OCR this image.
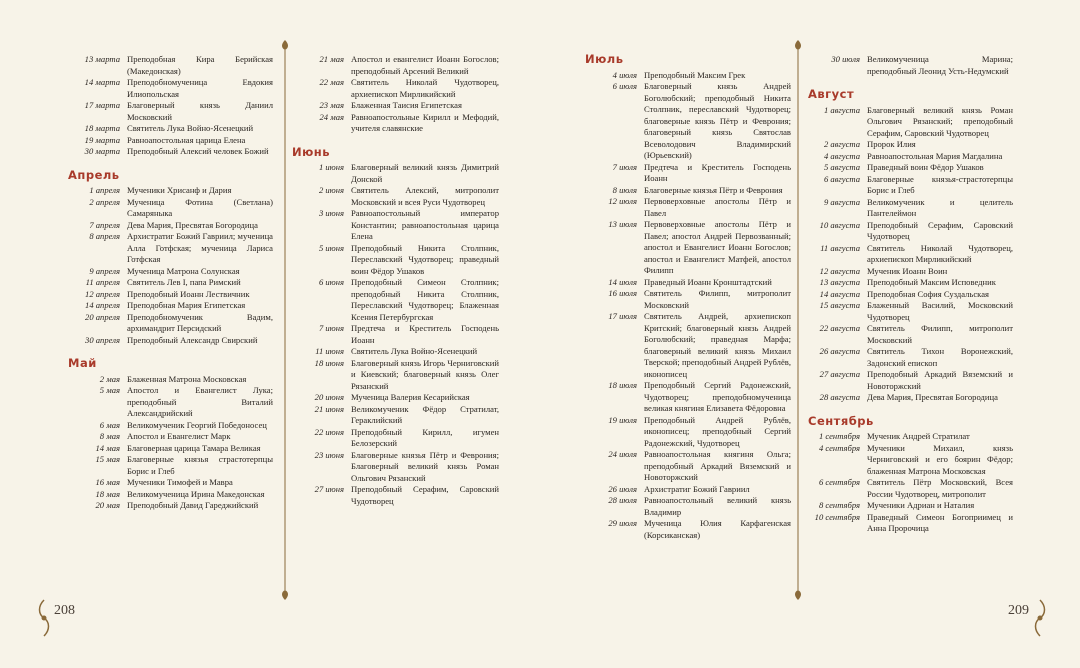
13 марта Преподобная Кира Берийская (Македонская)
14 марта Преподобномученица Евдокия Илиопольская
17 марта Благоверный князь Даниил Московский
18 марта Святитель Лука Войно-Ясенецкий
19 марта Равноапостольная царица Елена
30 марта Преподобный Алексий человек Божий
Апрель
1 апреля Мученики Хрисанф и Дария
2 апреля Мученица Фотина (Светлана) Самаряныка
7 апреля Дева Мария, Пресвятая Богородица
8 апреля Архистратиг Божий Гавриил; мученица Алла Готфская; мученица Лариса Готфская
9 апреля Мученица Матрона Солунская
11 апреля Святитель Лев I, папа Римский
12 апреля Преподобный Иоанн Лествичник
14 апреля Преподобная Мария Египетская
20 апреля Преподобномученик Вадим, архимандрит Персидский
30 апреля Преподобный Александр Свирский
Май
2 мая Блаженная Матрона Московская
5 мая Апостол и Евангелист Лука; преподобный Виталий Александрийский
6 мая Великомученик Георгий Победоносец
8 мая Апостол и Евангелист Марк
14 мая Благоверная царица Тамара Великая
15 мая Благоверные князья страстотерпцы Борис и Глеб
16 мая Мученики Тимофей и Мавра
18 мая Великомученица Ирина Македонская
20 мая Преподобный Давид Гареджийский
21 мая Апостол и евангелист Иоанн Богослов; преподобный Арсений Великий
22 мая Святитель Николай Чудотворец, архиепископ Мирликийский
23 мая Блаженная Таисия Египетская
24 мая Равноапостольные Кирилл и Мефодий, учителя славянские
Июнь
1 июня Благоверный великий князь Димитрий Донской
2 июня Святитель Алексий, митрополит Московский и всея Руси Чудотворец
3 июня Равноапостольный император Константин; равноапостольная царица Елена
5 июня Преподобный Никита Столпник, Переславский Чудотворец; праведный воин Фёдор Ушаков
6 июня Преподобный Симеон Столпник; преподобный Никита Столпник, Переславский Чудотворец; Блаженная Ксения Петербургская
7 июня Предтеча и Креститель Господень Иоанн
11 июня Святитель Лука Войно-Ясенецкий
18 июня Благоверный князь Игорь Черниговский и Киевский; благоверный князь Олег Рязанский
20 июня Мученица Валерия Кесарийская
21 июня Великомученик Фёдор Стратилат, Гераклийский
22 июня Преподобный Кирилл, игумен Белозерский
23 июня Благоверные князья Пётр и Феврония; Благоверный великий князь Роман Ольгович Рязанский
27 июня Преподобный Серафим, Саровский Чудотворец
208
Июль
4 июля Преподобный Максим Грек
6 июля Благоверный князь Андрей Боголюбский; преподобный Никита Столпник, переславский Чудотворец; благоверные князь Пётр и Феврония; благоверный князь Святослав Всеволодович Владимирский (Юрьевский)
7 июля Предтеча и Креститель Господень Иоанн
8 июля Благоверные князья Пётр и Феврония
12 июля Первоверховные апостолы Пётр и Павел
13 июля Первоверховные апостолы Пётр и Павел; апостол Андрей Первозванный; апостол и Евангелист Иоанн Богослов; апостол и Евангелист Матфей, апостол Филипп
14 июля Праведный Иоанн Кронштадтский
16 июля Святитель Филипп, митрополит Московский
17 июля Святитель Андрей, архиепископ Критский; благоверный князь Андрей Боголюбский; праведная Марфа; благоверный великий князь Михаил Тверской; преподобный Андрей Рублёв, иконописец
18 июля Преподобный Сергий Радонежский, Чудотворец; преподобномученица великая княгиня Елизавета Фёдоровна
19 июля Преподобный Андрей Рублёв, иконописец; преподобный Сергий Радонежский, Чудотворец
24 июля Равноапостольная княгиня Ольга; преподобный Аркадий Вяземский и Новоторжский
26 июля Архистратиг Божий Гавриил
28 июля Равноапостольный великий князь Владимир
29 июля Мученица Юлия Карфагенская (Корсиканская)
30 июля Великомученица Марина; преподобный Леонид Усть-Недумский
Август
1 августа Благоверный великий князь Роман Ольгович Рязанский; преподобный Серафим, Саровский Чудотворец
2 августа Пророк Илия
4 августа Равноапостольная Мария Магдалина
5 августа Праведный воин Фёдор Ушаков
6 августа Благоверные князья-страстотерпцы Борис и Глеб
9 августа Великомученик и целитель Пантелеймон
10 августа Преподобный Серафим, Саровский Чудотворец
11 августа Святитель Николай Чудотворец, архиепископ Мирликийский
12 августа Мученик Иоанн Воин
13 августа Преподобный Максим Исповедник
14 августа Преподобная София Суздальская
15 августа Блаженный Василий, Московский Чудотворец
22 августа Святитель Филипп, митрополит Московский
26 августа Святитель Тихон Воронежский, Задонский епископ
27 августа Преподобный Аркадий Вяземский и Новоторжский
28 августа Дева Мария, Пресвятая Богородица
Сентябрь
1 сентября Мученик Андрей Стратилат
4 сентября Мученики Михаил, князь Черниговский и его боярин Фёдор; блаженная Матрона Московская
6 сентября Святитель Пётр Московский, Всея России Чудотворец, митрополит
8 сентября Мученики Адриан и Наталия
10 сентября Праведный Симеон Богоприимец и Анна Пророчица
209
